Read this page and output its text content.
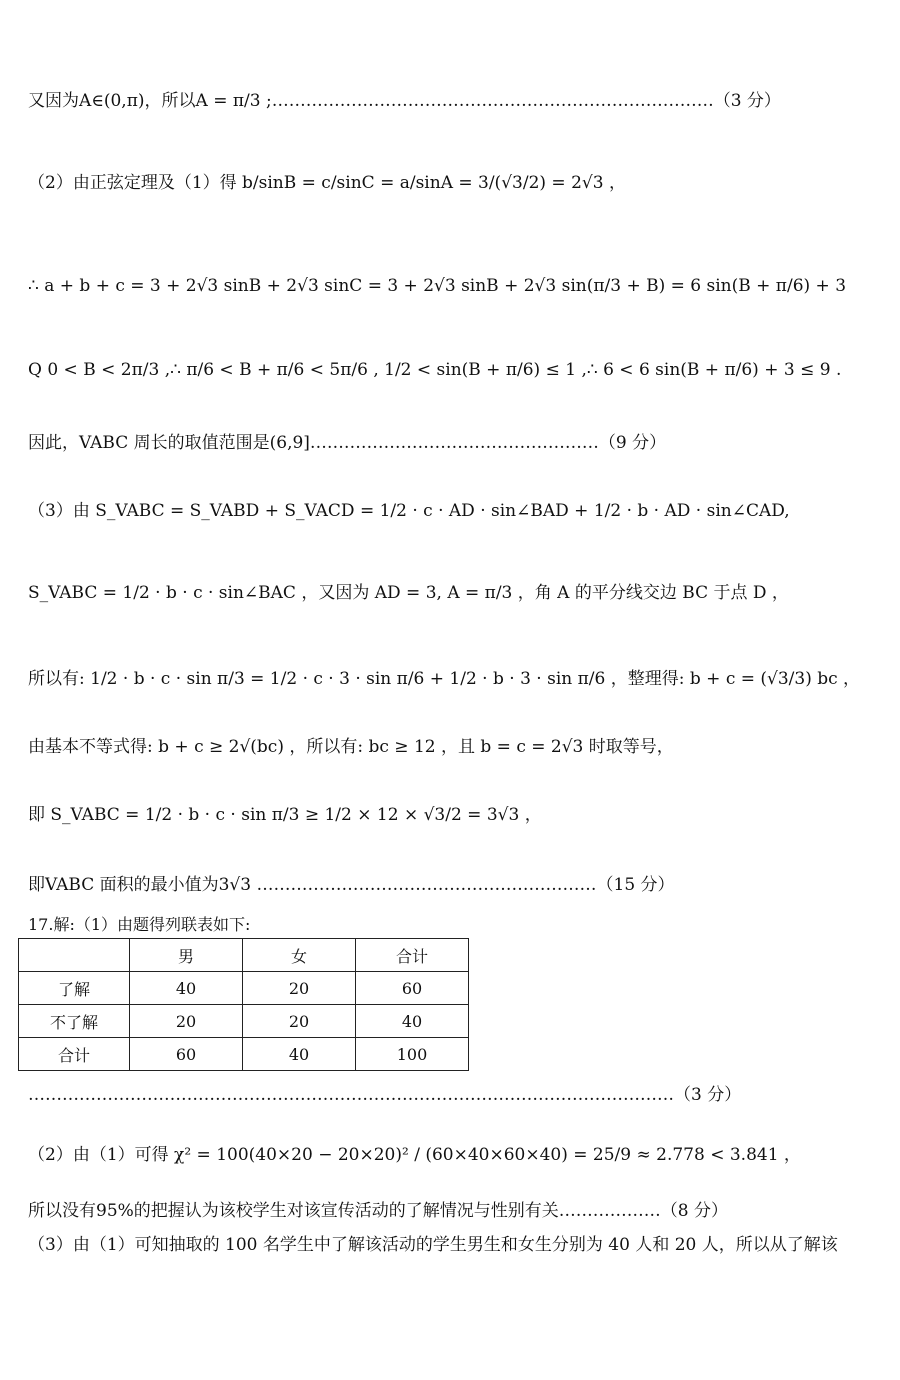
又因为A∈(0,π)，所以A = π/3 ;……………………………………………………………………（3 分）
（2）由正弦定理及（1）得 b/sinB = c/sinC = a/sinA = 3/(√3/2) = 2√3 ，
∴ a + b + c = 3 + 2√3 sinB + 2√3 sinC = 3 + 2√3 sinB + 2√3 sin(π/3 + B) = 6 sin(B + π/6) + 3
Q 0 < B < 2π/3 ,∴ π/6 < B + π/6 < 5π/6 , 1/2 < sin(B + π/6) ≤ 1 ,∴ 6 < 6 sin(B + π/6) + 3 ≤ 9 .
因此，VABC 周长的取值范围是(6,9]……………………………………………（9 分）
（3）由 S_VABC = S_VABD + S_VACD = 1/2 · c · AD · sin∠BAD + 1/2 · b · AD · sin∠CAD,
S_VABC = 1/2 · b · c · sin∠BAC ，又因为 AD = 3, A = π/3 ，角 A 的平分线交边 BC 于点 D ，
所以有: 1/2 · b · c · sin π/3 = 1/2 · c · 3 · sin π/6 + 1/2 · b · 3 · sin π/6 ，整理得: b + c = (√3/3) bc ，
由基本不等式得: b + c ≥ 2√(bc) ，所以有: bc ≥ 12 ，且 b = c = 2√3 时取等号，
即 S_VABC = 1/2 · b · c · sin π/3 ≥ 1/2 × 12 × √3/2 = 3√3 ，
即VABC 面积的最小值为3√3 ……………………………………………………（15 分）
17.解:（1）由题得列联表如下:
	男	女	合计
了解	40	20	60
不了解	20	20	40
合计	60	40	100
……………………………………………………………………………………………………（3 分）
（2）由（1）可得 χ² = 100(40×20 − 20×20)² / (60×40×60×40) = 25/9 ≈ 2.778 < 3.841 ，
所以没有95%的把握认为该校学生对该宣传活动的了解情况与性别有关………………（8 分）
（3）由（1）可知抽取的 100 名学生中了解该活动的学生男生和女生分别为 40 人和 20 人，所以从了解该
